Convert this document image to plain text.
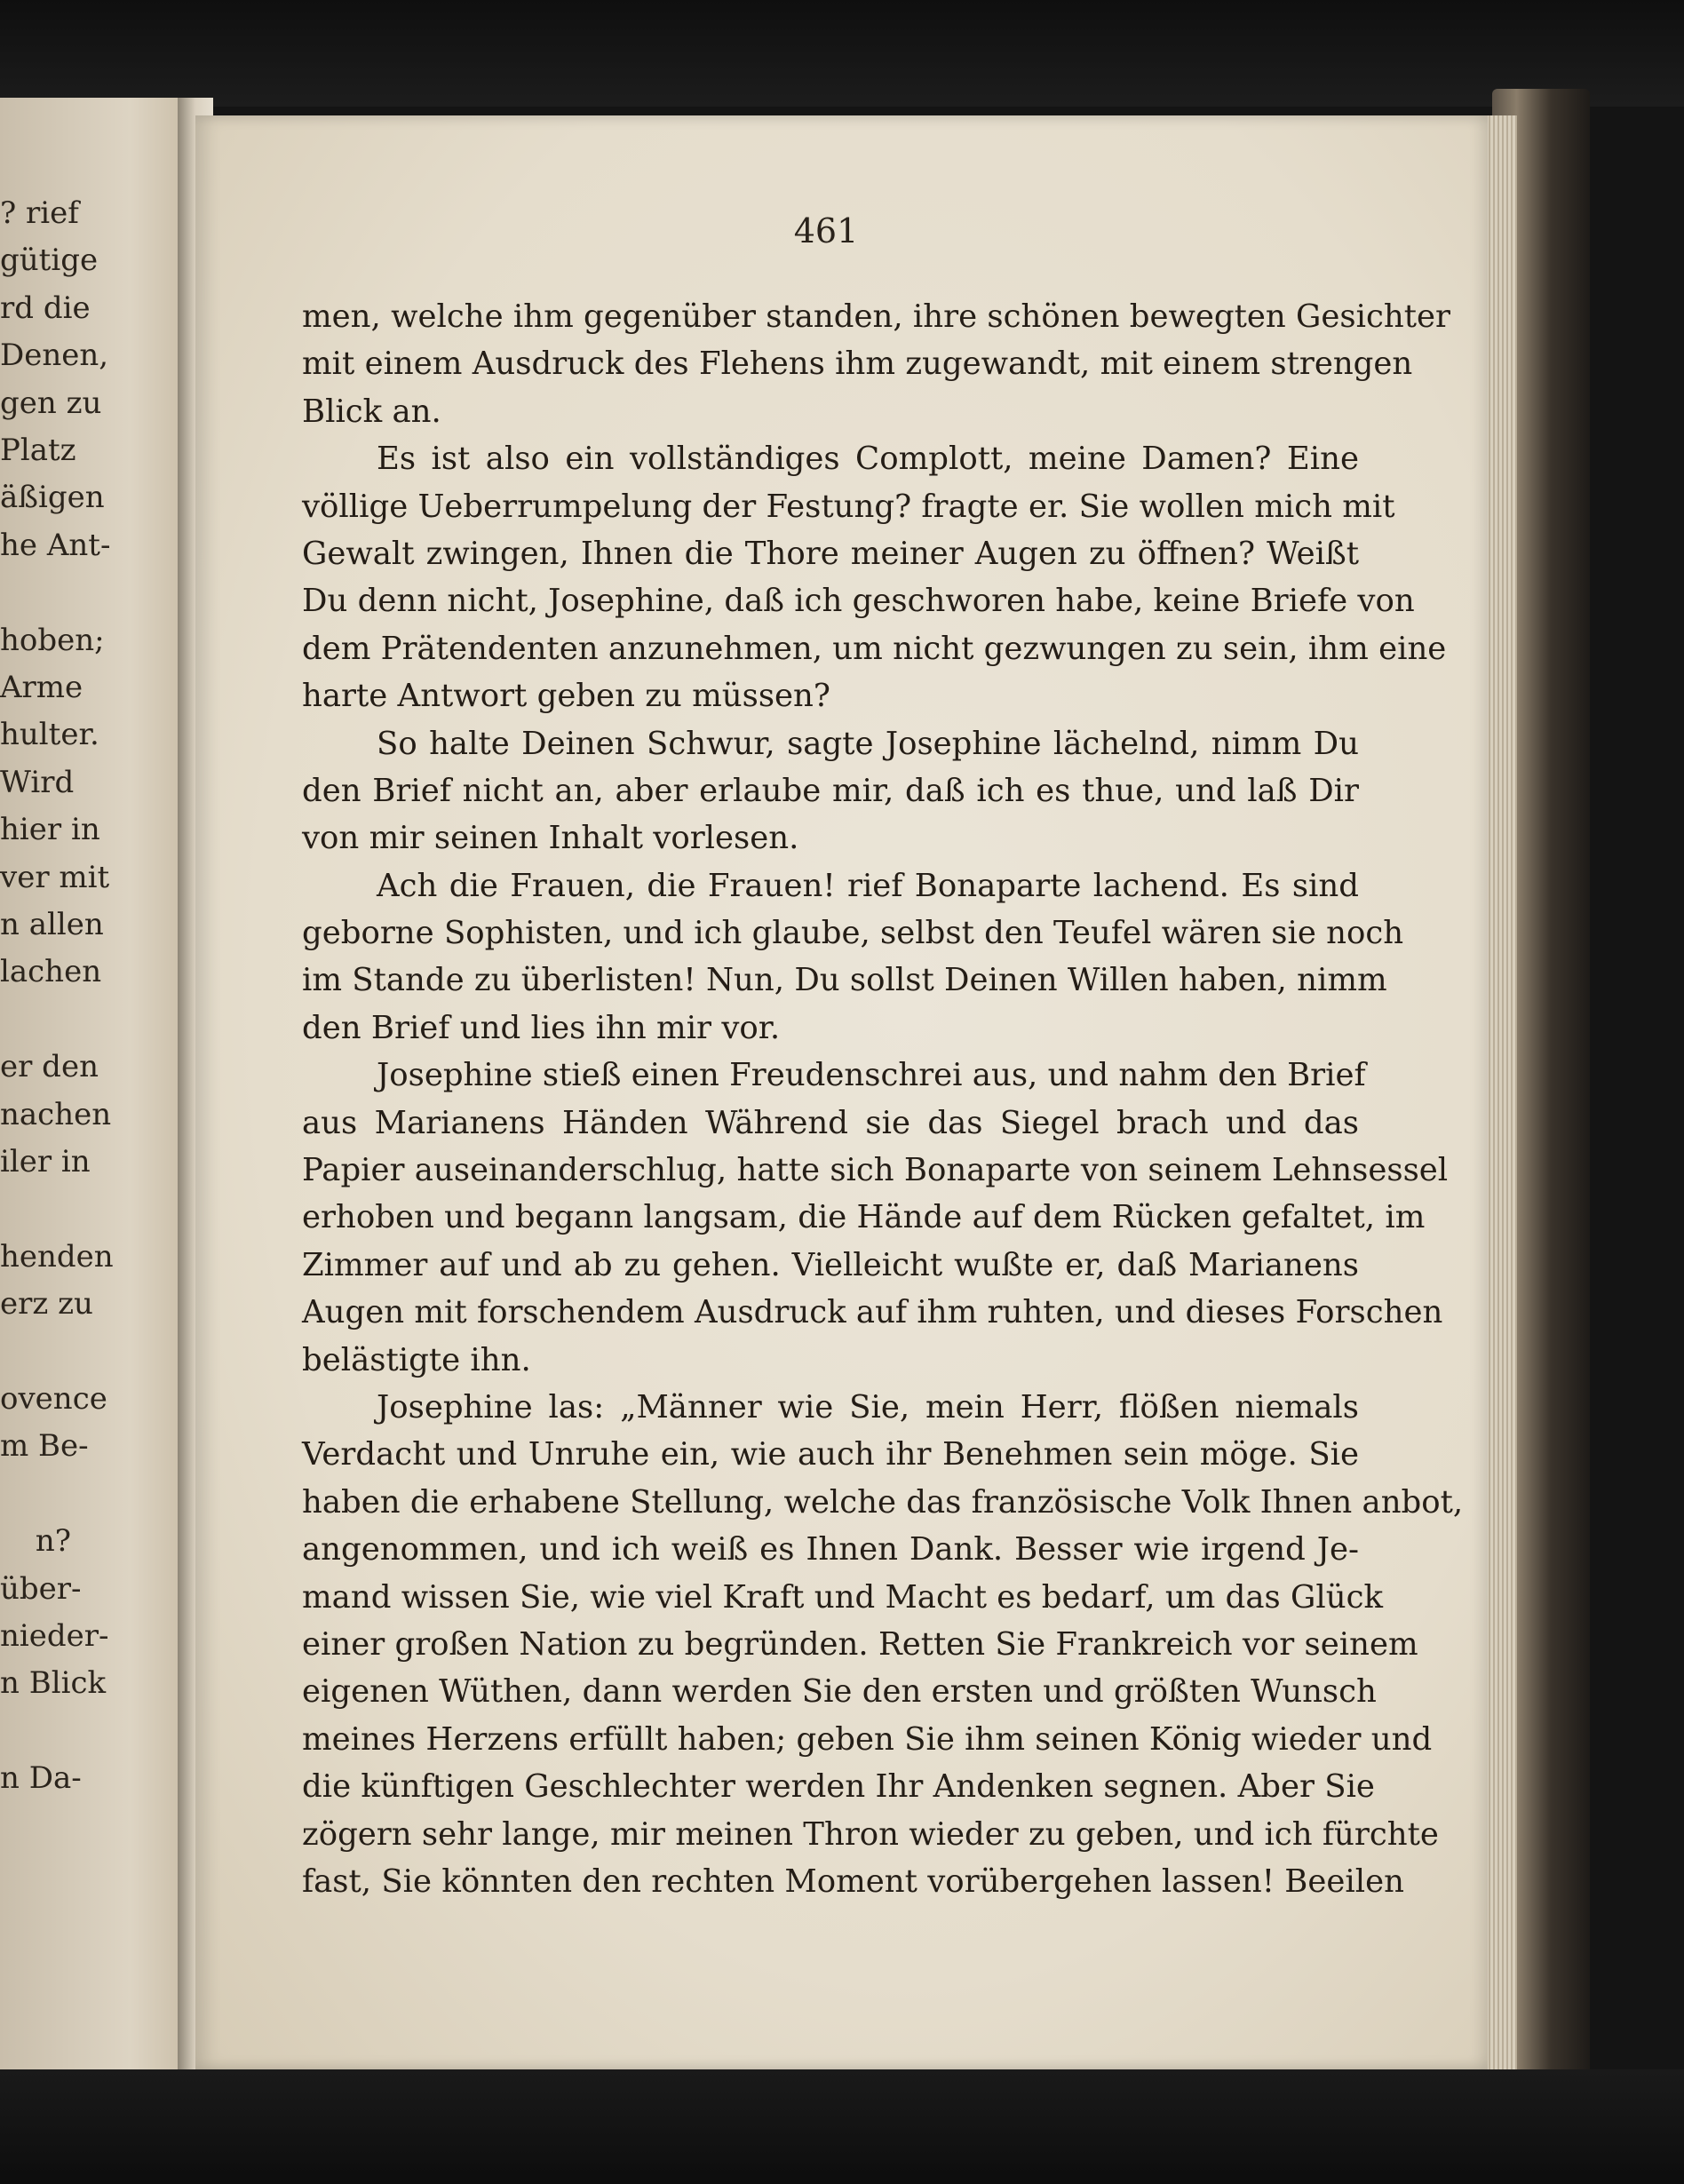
? rief
gütige
rd die
Denen,
gen zu
Platz
äßigen
he Ant-
hoben;
Arme
hulter.
Wird
hier in
ver mit
n allen
lachen
er den
nachen
iler in
henden
erz zu
ovence
m Be-
n?
über-
nieder-
n Blick
n Da-
461
men, welche ihm gegenüber standen, ihre schönen bewegten Gesichter
mit einem Ausdruck des Flehens ihm zugewandt, mit einem strengen
Blick an.
Es ist also ein vollständiges Complott, meine Damen? Eine
völlige Ueberrumpelung der Festung? fragte er. Sie wollen mich mit
Gewalt zwingen, Ihnen die Thore meiner Augen zu öffnen? Weißt
Du denn nicht, Josephine, daß ich geschworen habe, keine Briefe von
dem Prätendenten anzunehmen, um nicht gezwungen zu sein, ihm eine
harte Antwort geben zu müssen?
So halte Deinen Schwur, sagte Josephine lächelnd, nimm Du
den Brief nicht an, aber erlaube mir, daß ich es thue, und laß Dir
von mir seinen Inhalt vorlesen.
Ach die Frauen, die Frauen! rief Bonaparte lachend. Es sind
geborne Sophisten, und ich glaube, selbst den Teufel wären sie noch
im Stande zu überlisten! Nun, Du sollst Deinen Willen haben, nimm
den Brief und lies ihn mir vor.
Josephine stieß einen Freudenschrei aus, und nahm den Brief
aus Marianens Händen Während sie das Siegel brach und das
Papier auseinanderschlug, hatte sich Bonaparte von seinem Lehnsessel
erhoben und begann langsam, die Hände auf dem Rücken gefaltet, im
Zimmer auf und ab zu gehen. Vielleicht wußte er, daß Marianens
Augen mit forschendem Ausdruck auf ihm ruhten, und dieses Forschen
belästigte ihn.
Josephine las: „Männer wie Sie, mein Herr, flößen niemals
Verdacht und Unruhe ein, wie auch ihr Benehmen sein möge. Sie
haben die erhabene Stellung, welche das französische Volk Ihnen anbot,
angenommen, und ich weiß es Ihnen Dank. Besser wie irgend Je-
mand wissen Sie, wie viel Kraft und Macht es bedarf, um das Glück
einer großen Nation zu begründen. Retten Sie Frankreich vor seinem
eigenen Wüthen, dann werden Sie den ersten und größten Wunsch
meines Herzens erfüllt haben; geben Sie ihm seinen König wieder und
die künftigen Geschlechter werden Ihr Andenken segnen. Aber Sie
zögern sehr lange, mir meinen Thron wieder zu geben, und ich fürchte
fast, Sie könnten den rechten Moment vorübergehen lassen! Beeilen
